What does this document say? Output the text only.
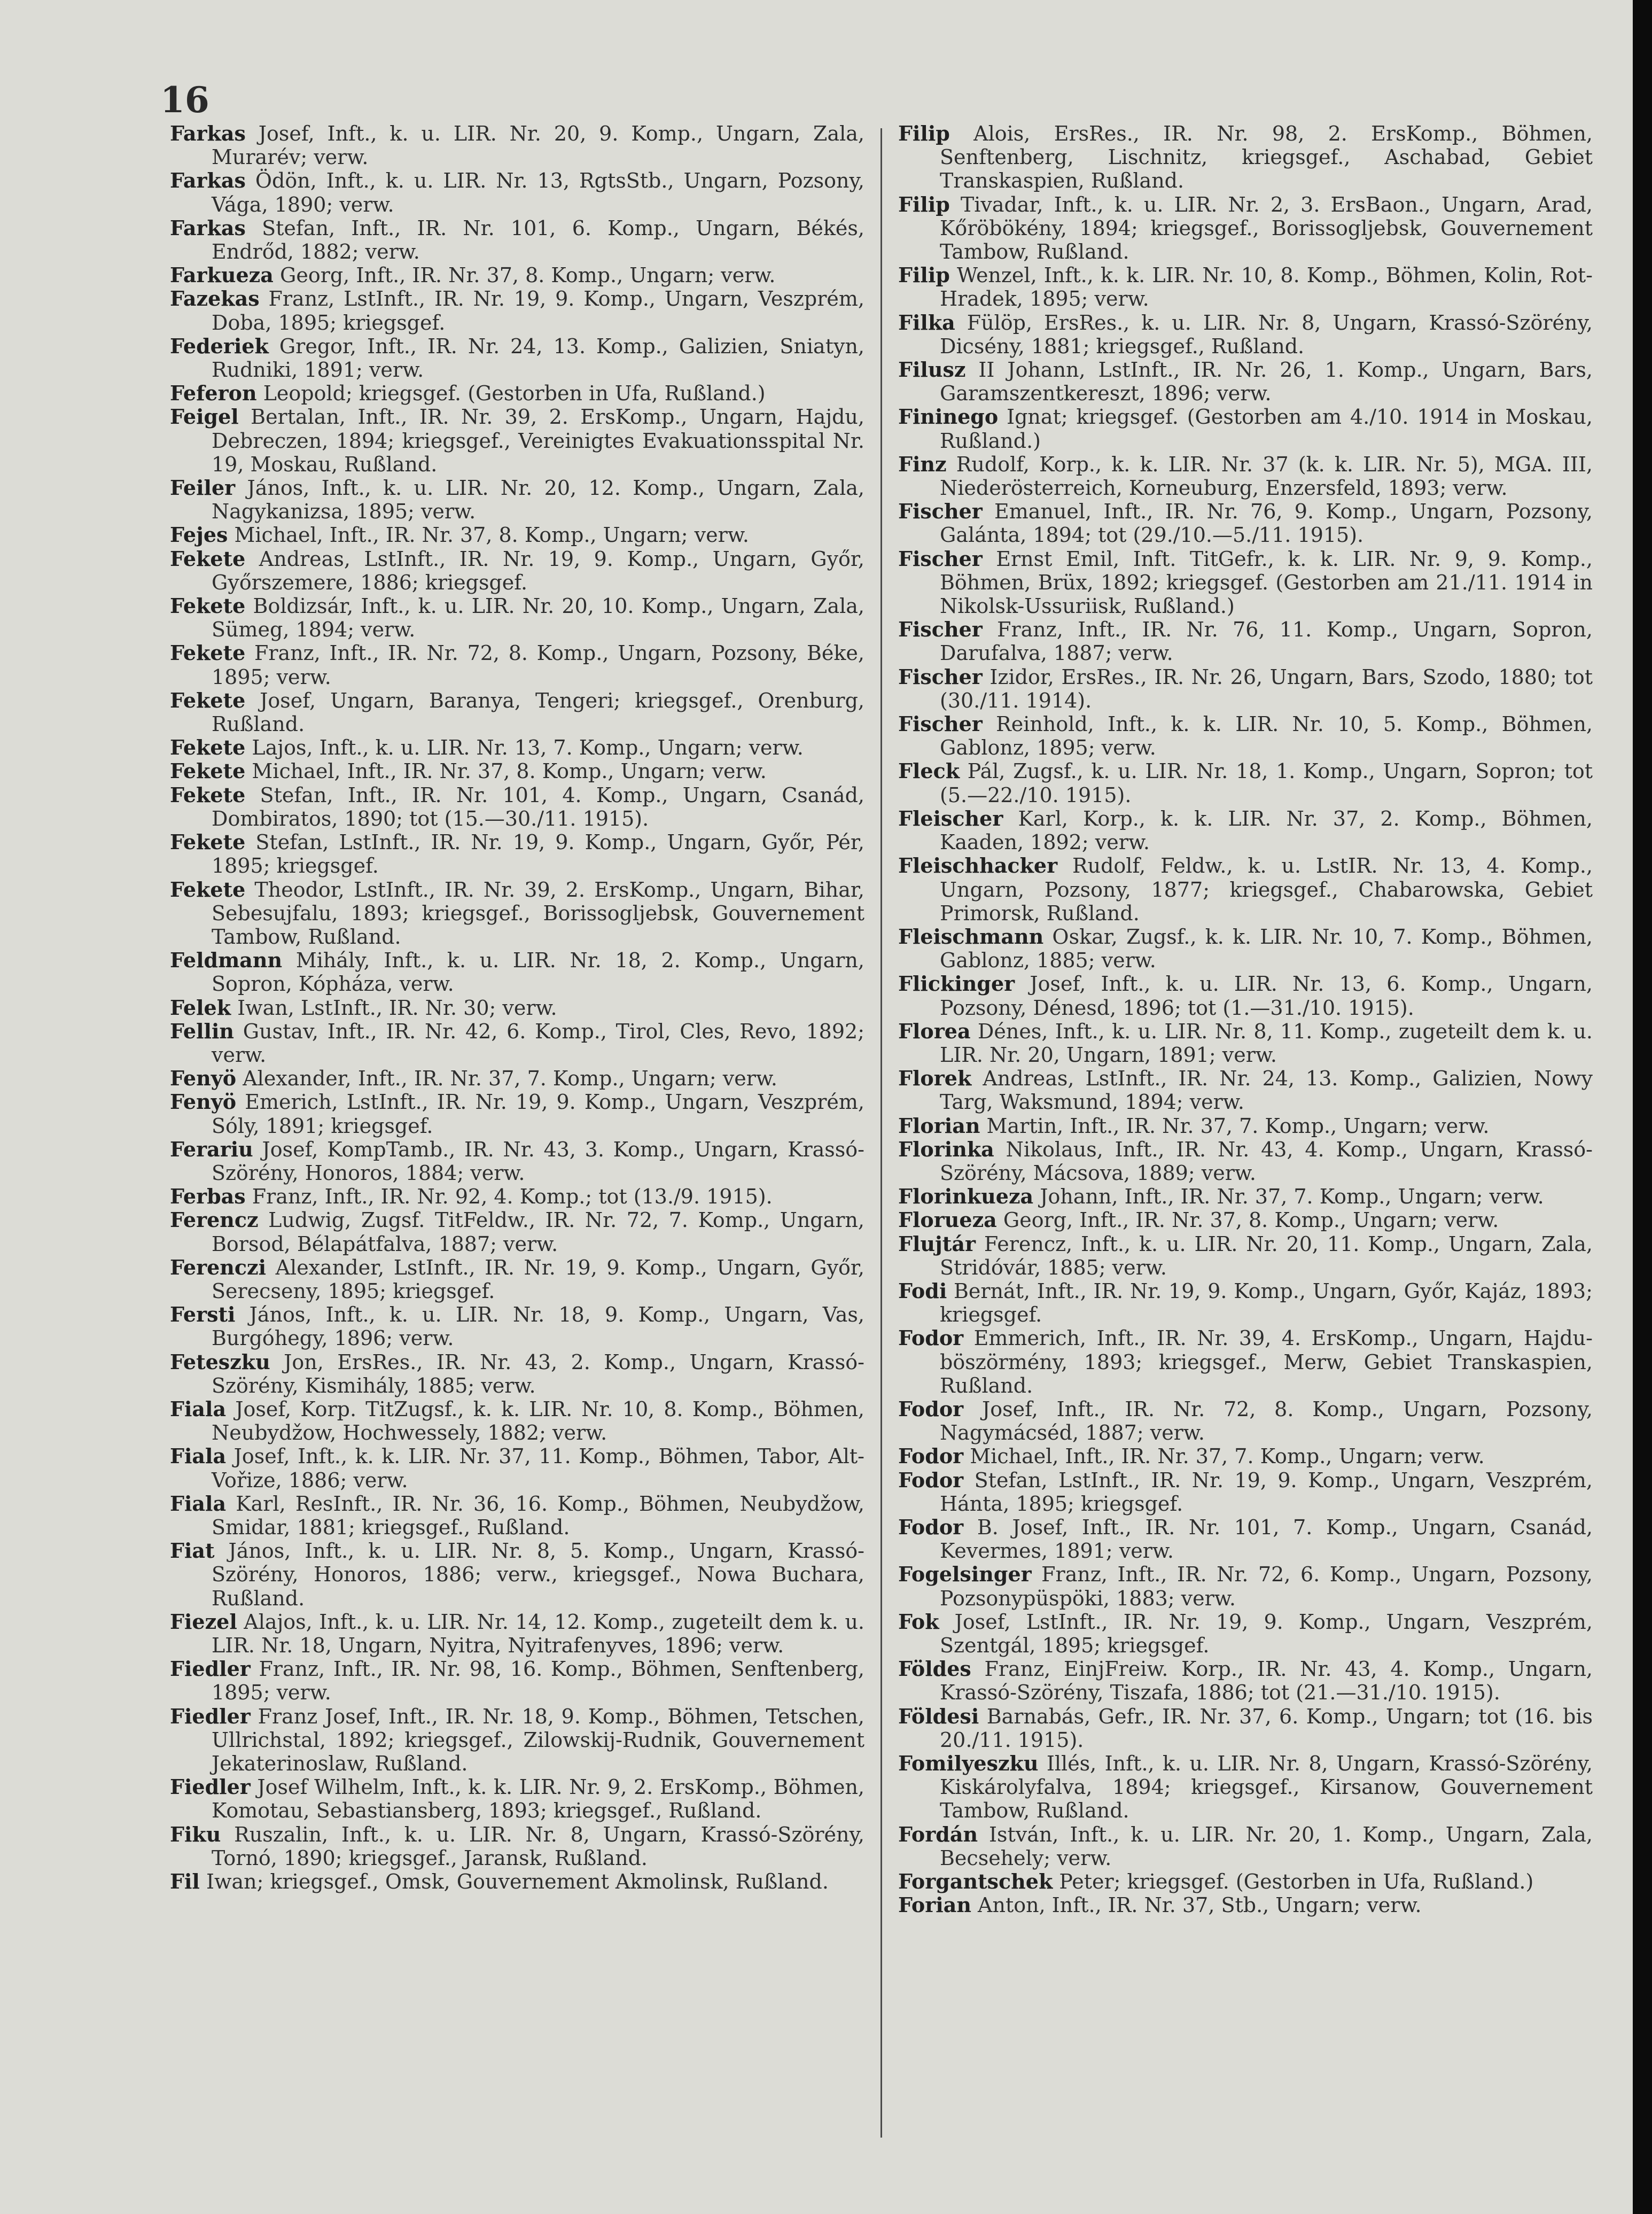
16

Farkas Josef, Inft., k. u. LIR. Nr. 20, 9. Komp., Ungarn, Zala, Murarév; verw.

Farkas Ödön, Inft., k. u. LIR. Nr. 13, RgtsStb., Ungarn, Pozsony, Vága, 1890; verw.

Farkas Stefan, Inft., IR. Nr. 101, 6. Komp., Ungarn, Békés, Endrőd, 1882; verw.

Farkueza Georg, Inft., IR. Nr. 37, 8. Komp., Ungarn; verw.

Fazekas Franz, LstInft., IR. Nr. 19, 9. Komp., Ungarn, Veszprém, Doba, 1895; kriegsgef.

Federiek Gregor, Inft., IR. Nr. 24, 13. Komp., Galizien, Sniatyn, Rudniki, 1891; verw.

Feferon Leopold; kriegsgef. (Gestorben in Ufa, Rußland.)

Feigel Bertalan, Inft., IR. Nr. 39, 2. ErsKomp., Ungarn, Hajdu, Debreczen, 1894; kriegsgef., Vereinigtes Evakuationsspital Nr. 19, Moskau, Rußland.

Feiler János, Inft., k. u. LIR. Nr. 20, 12. Komp., Ungarn, Zala, Nagykanizsa, 1895; verw.

Fejes Michael, Inft., IR. Nr. 37, 8. Komp., Ungarn; verw.

Fekete Andreas, LstInft., IR. Nr. 19, 9. Komp., Ungarn, Győr, Győrszemere, 1886; kriegsgef.

Fekete Boldizsár, Inft., k. u. LIR. Nr. 20, 10. Komp., Ungarn, Zala, Sümeg, 1894; verw.

Fekete Franz, Inft., IR. Nr. 72, 8. Komp., Ungarn, Pozsony, Béke, 1895; verw.

Fekete Josef, Ungarn, Baranya, Tengeri; kriegsgef., Orenburg, Rußland.

Fekete Lajos, Inft., k. u. LIR. Nr. 13, 7. Komp., Ungarn; verw.

Fekete Michael, Inft., IR. Nr. 37, 8. Komp., Ungarn; verw.

Fekete Stefan, Inft., IR. Nr. 101, 4. Komp., Ungarn, Csanád, Dombiratos, 1890; tot (15.—30./11. 1915).

Fekete Stefan, LstInft., IR. Nr. 19, 9. Komp., Ungarn, Győr, Pér, 1895; kriegsgef.

Fekete Theodor, LstInft., IR. Nr. 39, 2. ErsKomp., Ungarn, Bihar, Sebesujfalu, 1893; kriegsgef., Borissogljebsk, Gouvernement Tambow, Rußland.

Feldmann Mihály, Inft., k. u. LIR. Nr. 18, 2. Komp., Ungarn, Sopron, Kópháza, verw.

Felek Iwan, LstInft., IR. Nr. 30; verw.

Fellin Gustav, Inft., IR. Nr. 42, 6. Komp., Tirol, Cles, Revo, 1892; verw.

Fenyö Alexander, Inft., IR. Nr. 37, 7. Komp., Ungarn; verw.

Fenyö Emerich, LstInft., IR. Nr. 19, 9. Komp., Ungarn, Veszprém, Sóly, 1891; kriegsgef.

Ferariu Josef, KompTamb., IR. Nr. 43, 3. Komp., Ungarn, Krassó-Szörény, Honoros, 1884; verw.

Ferbas Franz, Inft., IR. Nr. 92, 4. Komp.; tot (13./9. 1915).

Ferencz Ludwig, Zugsf. TitFeldw., IR. Nr. 72, 7. Komp., Ungarn, Borsod, Bélapátfalva, 1887; verw.

Ferenczi Alexander, LstInft., IR. Nr. 19, 9. Komp., Ungarn, Győr, Serecseny, 1895; kriegsgef.

Fersti János, Inft., k. u. LIR. Nr. 18, 9. Komp., Ungarn, Vas, Burgóhegy, 1896; verw.

Feteszku Jon, ErsRes., IR. Nr. 43, 2. Komp., Ungarn, Krassó-Szörény, Kismihály, 1885; verw.

Fiala Josef, Korp. TitZugsf., k. k. LIR. Nr. 10, 8. Komp., Böhmen, Neubydžow, Hochwessely, 1882; verw.

Fiala Josef, Inft., k. k. LIR. Nr. 37, 11. Komp., Böhmen, Tabor, Alt-Vořize, 1886; verw.

Fiala Karl, ResInft., IR. Nr. 36, 16. Komp., Böhmen, Neubydžow, Smidar, 1881; kriegsgef., Rußland.

Fiat János, Inft., k. u. LIR. Nr. 8, 5. Komp., Ungarn, Krassó-Szörény, Honoros, 1886; verw., kriegsgef., Nowa Buchara, Rußland.

Fiezel Alajos, Inft., k. u. LIR. Nr. 14, 12. Komp., zugeteilt dem k. u. LIR. Nr. 18, Ungarn, Nyitra, Nyitrafenyves, 1896; verw.

Fiedler Franz, Inft., IR. Nr. 98, 16. Komp., Böhmen, Senftenberg, 1895; verw.

Fiedler Franz Josef, Inft., IR. Nr. 18, 9. Komp., Böhmen, Tetschen, Ullrichstal, 1892; kriegsgef., Zilowskij-Rudnik, Gouvernement Jekaterinoslaw, Rußland.

Fiedler Josef Wilhelm, Inft., k. k. LIR. Nr. 9, 2. ErsKomp., Böhmen, Komotau, Sebastiansberg, 1893; kriegsgef., Rußland.

Fiku Ruszalin, Inft., k. u. LIR. Nr. 8, Ungarn, Krassó-Szörény, Tornó, 1890; kriegsgef., Jaransk, Rußland.

Fil Iwan; kriegsgef., Omsk, Gouvernement Akmolinsk, Rußland.

Filip Alois, ErsRes., IR. Nr. 98, 2. ErsKomp., Böhmen, Senftenberg, Lischnitz, kriegsgef., Aschabad, Gebiet Transkaspien, Rußland.

Filip Tivadar, Inft., k. u. LIR. Nr. 2, 3. ErsBaon., Ungarn, Arad, Kőröbökény, 1894; kriegsgef., Borissogljebsk, Gouvernement Tambow, Rußland.

Filip Wenzel, Inft., k. k. LIR. Nr. 10, 8. Komp., Böhmen, Kolin, Rot-Hradek, 1895; verw.

Filka Fülöp, ErsRes., k. u. LIR. Nr. 8, Ungarn, Krassó-Szörény, Dicsény, 1881; kriegsgef., Rußland.

Filusz II Johann, LstInft., IR. Nr. 26, 1. Komp., Ungarn, Bars, Garamszentkereszt, 1896; verw.

Fininego Ignat; kriegsgef. (Gestorben am 4./10. 1914 in Moskau, Rußland.)

Finz Rudolf, Korp., k. k. LIR. Nr. 37 (k. k. LIR. Nr. 5), MGA. III, Niederösterreich, Korneuburg, Enzersfeld, 1893; verw.

Fischer Emanuel, Inft., IR. Nr. 76, 9. Komp., Ungarn, Pozsony, Galánta, 1894; tot (29./10.—5./11. 1915).

Fischer Ernst Emil, Inft. TitGefr., k. k. LIR. Nr. 9, 9. Komp., Böhmen, Brüx, 1892; kriegsgef. (Gestorben am 21./11. 1914 in Nikolsk-Ussuriisk, Rußland.)

Fischer Franz, Inft., IR. Nr. 76, 11. Komp., Ungarn, Sopron, Darufalva, 1887; verw.

Fischer Izidor, ErsRes., IR. Nr. 26, Ungarn, Bars, Szodo, 1880; tot (30./11. 1914).

Fischer Reinhold, Inft., k. k. LIR. Nr. 10, 5. Komp., Böhmen, Gablonz, 1895; verw.

Fleck Pál, Zugsf., k. u. LIR. Nr. 18, 1. Komp., Ungarn, Sopron; tot (5.—22./10. 1915).

Fleischer Karl, Korp., k. k. LIR. Nr. 37, 2. Komp., Böhmen, Kaaden, 1892; verw.

Fleischhacker Rudolf, Feldw., k. u. LstIR. Nr. 13, 4. Komp., Ungarn, Pozsony, 1877; kriegsgef., Chabarowska, Gebiet Primorsk, Rußland.

Fleischmann Oskar, Zugsf., k. k. LIR. Nr. 10, 7. Komp., Böhmen, Gablonz, 1885; verw.

Flickinger Josef, Inft., k. u. LIR. Nr. 13, 6. Komp., Ungarn, Pozsony, Dénesd, 1896; tot (1.—31./10. 1915).

Florea Dénes, Inft., k. u. LIR. Nr. 8, 11. Komp., zugeteilt dem k. u. LIR. Nr. 20, Ungarn, 1891; verw.

Florek Andreas, LstInft., IR. Nr. 24, 13. Komp., Galizien, Nowy Targ, Waksmund, 1894; verw.

Florian Martin, Inft., IR. Nr. 37, 7. Komp., Ungarn; verw.

Florinka Nikolaus, Inft., IR. Nr. 43, 4. Komp., Ungarn, Krassó-Szörény, Mácsova, 1889; verw.

Florinkueza Johann, Inft., IR. Nr. 37, 7. Komp., Ungarn; verw.

Florueza Georg, Inft., IR. Nr. 37, 8. Komp., Ungarn; verw.

Flujtár Ferencz, Inft., k. u. LIR. Nr. 20, 11. Komp., Ungarn, Zala, Stridóvár, 1885; verw.

Fodi Bernát, Inft., IR. Nr. 19, 9. Komp., Ungarn, Győr, Kajáz, 1893; kriegsgef.

Fodor Emmerich, Inft., IR. Nr. 39, 4. ErsKomp., Ungarn, Hajdu-böszörmény, 1893; kriegsgef., Merw, Gebiet Transkaspien, Rußland.

Fodor Josef, Inft., IR. Nr. 72, 8. Komp., Ungarn, Pozsony, Nagymácséd, 1887; verw.

Fodor Michael, Inft., IR. Nr. 37, 7. Komp., Ungarn; verw.

Fodor Stefan, LstInft., IR. Nr. 19, 9. Komp., Ungarn, Veszprém, Hánta, 1895; kriegsgef.

Fodor B. Josef, Inft., IR. Nr. 101, 7. Komp., Ungarn, Csanád, Kevermes, 1891; verw.

Fogelsinger Franz, Inft., IR. Nr. 72, 6. Komp., Ungarn, Pozsony, Pozsonypüspöki, 1883; verw.

Fok Josef, LstInft., IR. Nr. 19, 9. Komp., Ungarn, Veszprém, Szentgál, 1895; kriegsgef.

Földes Franz, EinjFreiw. Korp., IR. Nr. 43, 4. Komp., Ungarn, Krassó-Szörény, Tiszafa, 1886; tot (21.—31./10. 1915).

Földesi Barnabás, Gefr., IR. Nr. 37, 6. Komp., Ungarn; tot (16. bis 20./11. 1915).

Fomilyeszku Illés, Inft., k. u. LIR. Nr. 8, Ungarn, Krassó-Szörény, Kiskárolyfalva, 1894; kriegsgef., Kirsanow, Gouvernement Tambow, Rußland.

Fordán István, Inft., k. u. LIR. Nr. 20, 1. Komp., Ungarn, Zala, Becsehely; verw.

Forgantschek Peter; kriegsgef. (Gestorben in Ufa, Rußland.)

Forian Anton, Inft., IR. Nr. 37, Stb., Ungarn; verw.
